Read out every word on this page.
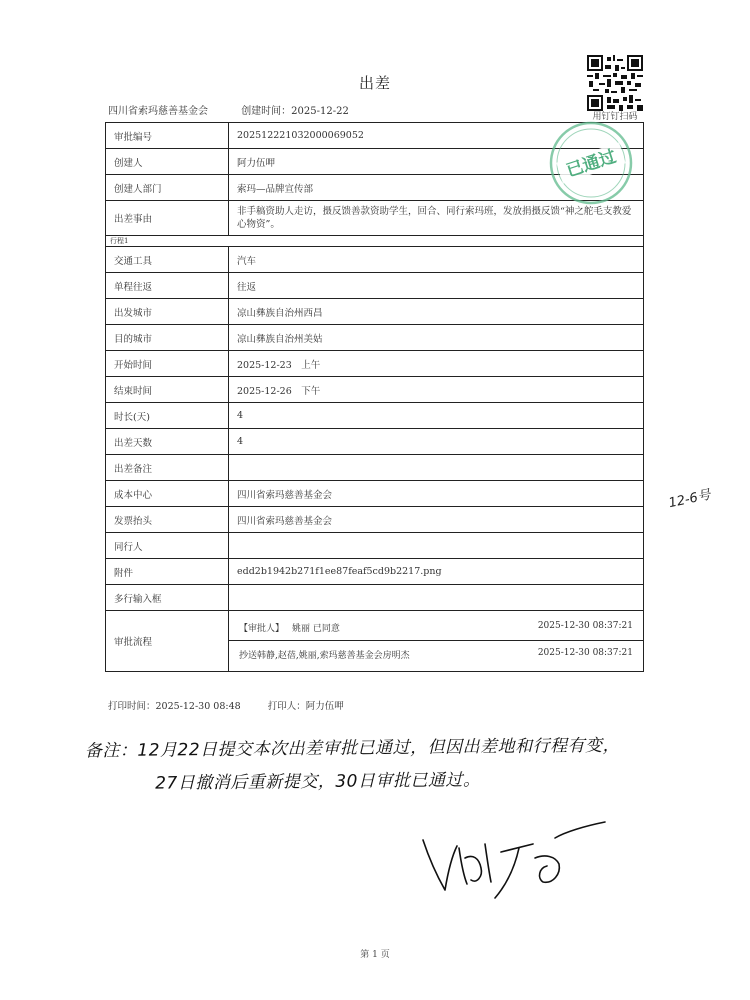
出差
四川省索玛慈善基金会	创建时间：2025-12-22	用钉钉扫码
审批编号	202512221032000069052
创建人	阿力伍呷
创建人部门	索玛—品牌宣传部
出差事由	非手稿资助人走访，摄反馈善款资助学生，回合、同行索玛班，发放捐摄反馈“神之舵毛支教爱心物资”。
行程1	
交通工具	汽车
单程往返	往返
出发城市	凉山彝族自治州西昌
目的城市	凉山彝族自治州美姑
开始时间	2025-12-23　上午
结束时间	2025-12-26　下午
时长(天)	4
出差天数	4
出差备注	
成本中心	四川省索玛慈善基金会
发票抬头	四川省索玛慈善基金会
同行人	
附件	edd2b1942b271f1ee87feaf5cd9b2217.png
多行输入框	
审批流程	【审批人】 姚丽 已同意 2025-12-30 08:37:21
抄送韩静,赵蓓,姚丽,索玛慈善基金会房明杰 2025-12-30 08:37:21
已通过
打印时间：2025-12-30 08:48	打印人：阿力伍呷
12-6号
备注：12月22日提交本次出差审批已通过，但因出差地和行程有变，
27日撤消后重新提交，30日审批已通过。
第 1 页
